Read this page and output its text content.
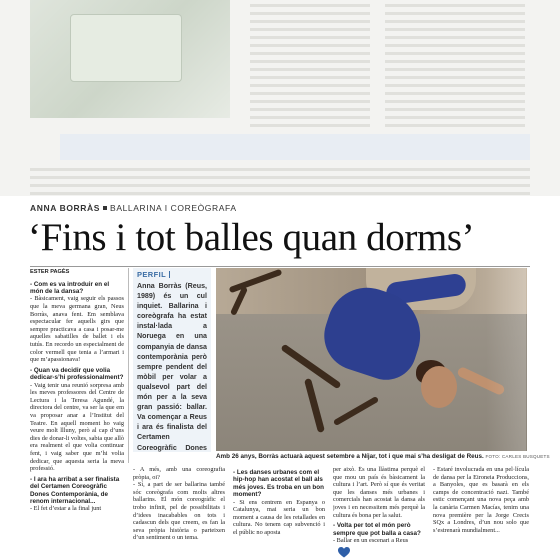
ANNA BORRÀS BALLARINA I COREÒGRAFA
‘Fins i tot balles quan dorms’
ESTER PAGÈS
- Com es va introduir en el món de la dansa?
- Bàsicament, vaig seguir els passos que la meva germana gran, Neus Borràs, anava fent. Em semblava espectacular fer aquells girs que sempre practicava a casa i posar-me aquelles sabatilles de ballet i els tutús. En recordo un especialment de color vermell que tenia a l’armari i que m’apassionava!
- Quan va decidir que volia dedicar-s’hi professionalment?
- Vaig tenir una reunió sorpresa amb les meves professores del Centre de Lectura i la Teresa Agundé, la directora del centre, va ser la que em va proposar anar a l’Institut del Teatre. En aquell moment ho vaig veure molt llluny, però al cap d’uns dies de donar-li voltes, sabia que allò era realment el que volia continuar fent, i vaig saber que m’hi volia dedicar, que aquesta seria la meva professió.
- I ara ha arribat a ser finalista del Certamen Coreogràfic Dones Contemporània, de renom internacional...
- El fet d’estar a la final junt
PERFIL
Anna Borràs (Reus, 1989) és un cul inquiet. Ballarina i coreògrafa ha estat instal·lada a Noruega en una companyia de dansa contemporània però sempre pendent del mòbil per volar a qualsevol part del món per a la seva gran passió: ballar. Va començar a Reus i ara és finalista del Certamen Coreogràfic Dones
Amb 26 anys, Borràs actuarà aquest setembre a Níjar, tot i que mai s’ha desligat de Reus. FOTO: CARLES BUSQUETS
- A més, amb una coreografia pròpia, oi?
- Sí, a part de ser ballarina també sóc coreògrafa com molts altres ballarins. El món coreogràfic el trobo infinit, pel de possibilitats i d’idees inacabables on tots i cadascun dels que creem, es fan la seva pròpia història o parteixen d’un sentiment o un tema.
- Les danses urbanes com el hip-hop han acostat el ball als més joves. Es troba en un bon moment?
- Si ens centrem en Espanya o Catalunya, mai seria un bon moment a causa de les retallades en cultura. No tenem cap subvenció i el públic no aposta
per això. És una llàstima perquè el que mou un país és bàsicament la cultura i l’art. Però sí que és veritat que les danses més urbanes i comercials han acostat la dansa als joves i en necessitem més perquè la cultura és bona per la salut.
- Volta per tot el món però sempre que pot balla a casa?
- Ballar en un escenari a Reus
- Estaré involucrada en una pel·lícula de dansa per la Eironeia Produccions, a Banyoles, que es basarà en els camps de concentració nazi. També estic començant una nova peça amb la canària Carmen Macías, tenim una nova première per la Jorge Crecis SQx a Londres, d’un nou solo que s’estrenarà mundialment...
